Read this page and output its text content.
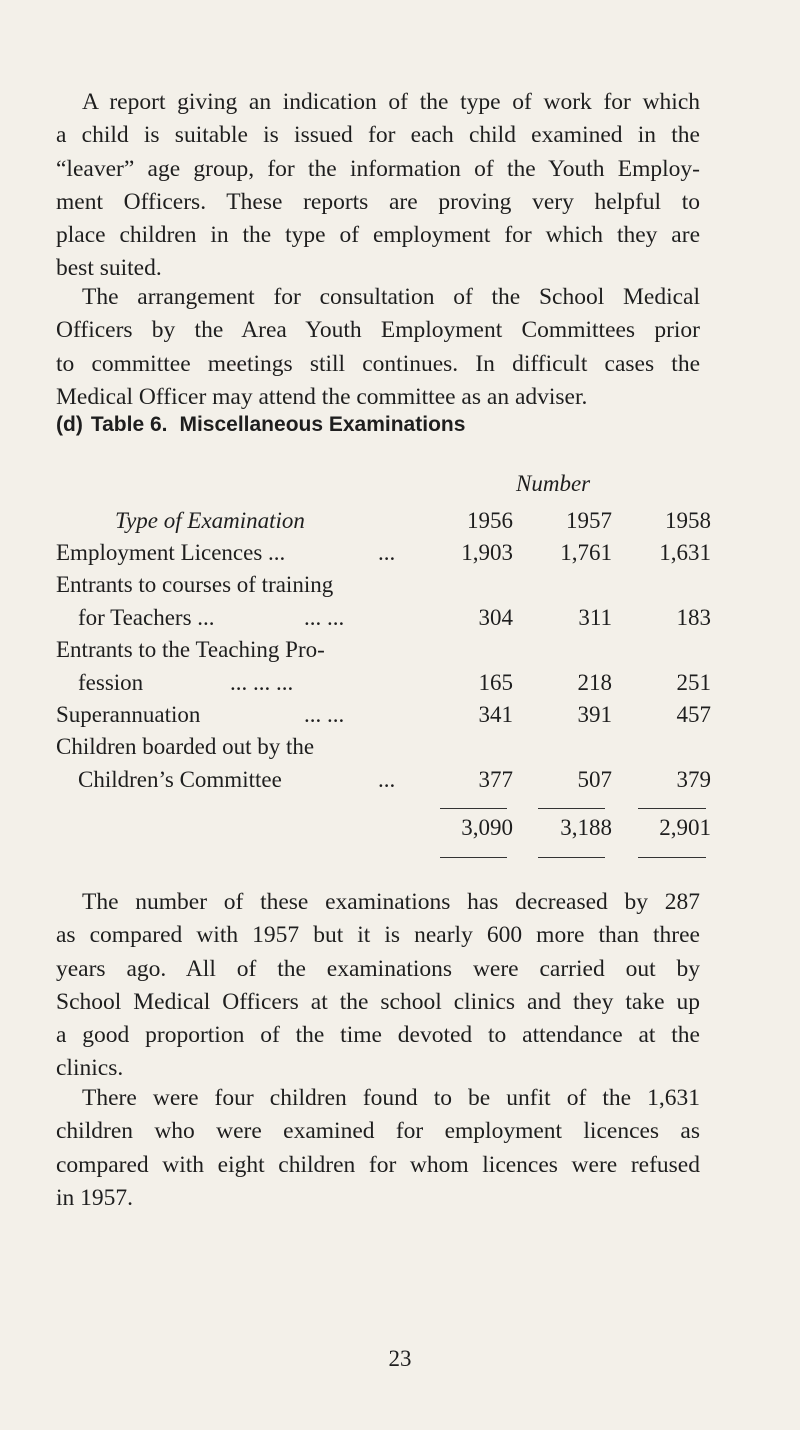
A report giving an indication of the type of work for which
a child is suitable is issued for each child examined in the
“leaver” age group, for the information of the Youth Employ-
ment Officers. These reports are proving very helpful to
place children in the type of employment for which they are
best suited.
The arrangement for consultation of the School Medical
Officers by the Area Youth Employment Committees prior
to committee meetings still continues. In difficult cases the
Medical Officer may attend the committee as an adviser.
(d) Table 6. Miscellaneous Examinations
Number
Type of Examination	1956	1957	1958
Employment Licences ...	...	1,903	1,761	1,631
Entrants to courses of training
for Teachers ...	... ...	304	311	183
Entrants to the Teaching Pro-
fession	... ... ...	165	218	251
Superannuation	... ...	341	391	457
Children boarded out by the
Children’s Committee	...	377	507	379
3,090	3,188	2,901
The number of these examinations has decreased by 287
as compared with 1957 but it is nearly 600 more than three
years ago. All of the examinations were carried out by
School Medical Officers at the school clinics and they take up
a good proportion of the time devoted to attendance at the
clinics.
There were four children found to be unfit of the 1,631
children who were examined for employment licences as
compared with eight children for whom licences were refused
in 1957.
23
